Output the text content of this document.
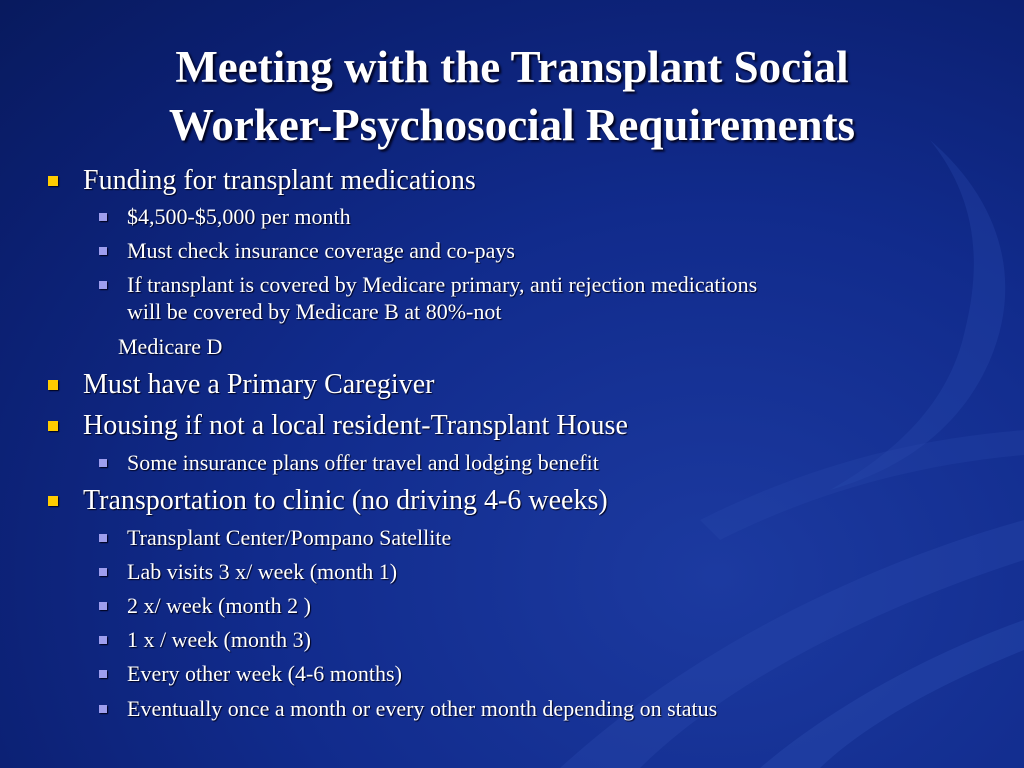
Meeting with the Transplant Social
Worker-Psychosocial Requirements
Funding for transplant medications
$4,500-$5,000 per month
Must check insurance coverage and co-pays
If transplant is covered by Medicare primary, anti rejection medications
will be covered by Medicare B at 80%-not
Medicare D
Must have a Primary Caregiver
Housing if not a local resident-Transplant House
Some insurance plans offer travel and lodging benefit
Transportation to clinic (no driving 4-6 weeks)
Transplant Center/Pompano Satellite
Lab visits 3 x/ week (month 1)
2 x/ week (month 2 )
1 x / week (month 3)
Every other week (4-6 months)
Eventually once a month or every other month depending on status
